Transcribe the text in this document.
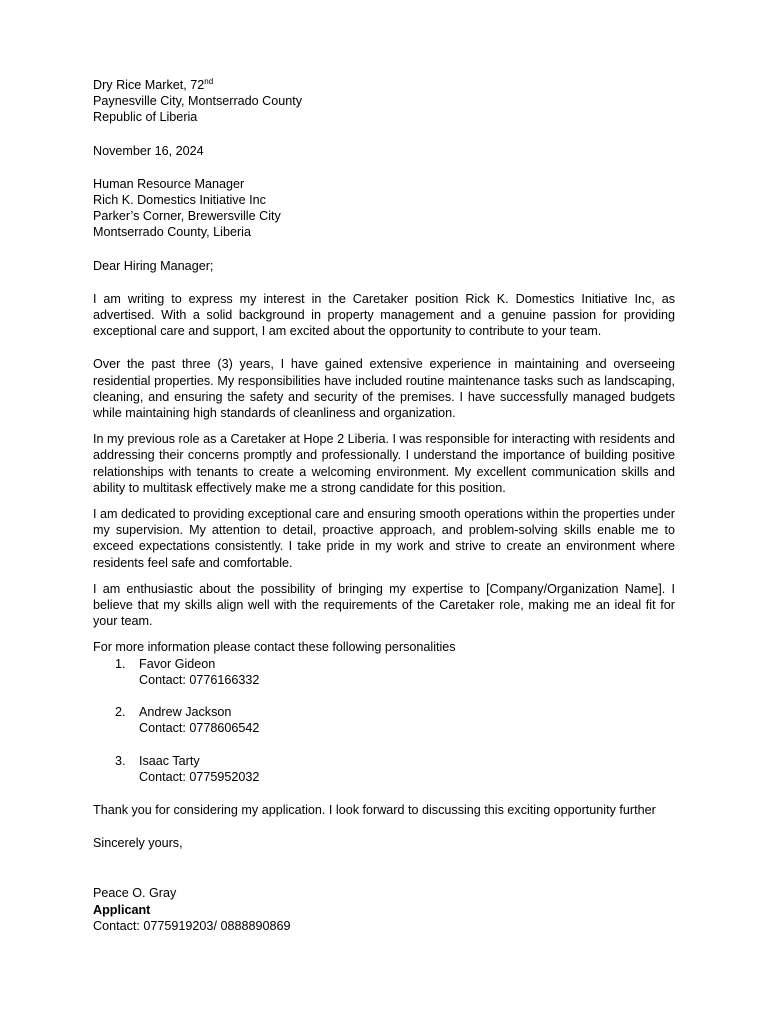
Dry Rice Market, 72nd
Paynesville City, Montserrado County
Republic of Liberia
November 16, 2024
Human Resource Manager
Rich K. Domestics Initiative Inc
Parker’s Corner, Brewersville City
Montserrado County, Liberia
Dear Hiring Manager;

I am writing to express my interest in the Caretaker position Rick K. Domestics Initiative Inc, as advertised. With a solid background in property management and a genuine passion for providing exceptional care and support, I am excited about the opportunity to contribute to your team.

Over the past three (3) years, I have gained extensive experience in maintaining and overseeing residential properties. My responsibilities have included routine maintenance tasks such as landscaping, cleaning, and ensuring the safety and security of the premises. I have successfully managed budgets while maintaining high standards of cleanliness and organization.

In my previous role as a Caretaker at Hope 2 Liberia. I was responsible for interacting with residents and addressing their concerns promptly and professionally. I understand the importance of building positive relationships with tenants to create a welcoming environment. My excellent communication skills and ability to multitask effectively make me a strong candidate for this position.

I am dedicated to providing exceptional care and ensuring smooth operations within the properties under my supervision. My attention to detail, proactive approach, and problem-solving skills enable me to exceed expectations consistently. I take pride in my work and strive to create an environment where residents feel safe and comfortable.

I am enthusiastic about the possibility of bringing my expertise to [Company/Organization Name]. I believe that my skills align well with the requirements of the Caretaker role, making me an ideal fit for your team.

For more information please contact these following personalities
1. Favor Gideon
Contact: 0776166332
2. Andrew Jackson
Contact: 0778606542
3. Isaac Tarty
Contact: 0775952032
Thank you for considering my application. I look forward to discussing this exciting opportunity further
Sincerely yours,
Peace O. Gray
Applicant
Contact: 0775919203/ 0888890869
